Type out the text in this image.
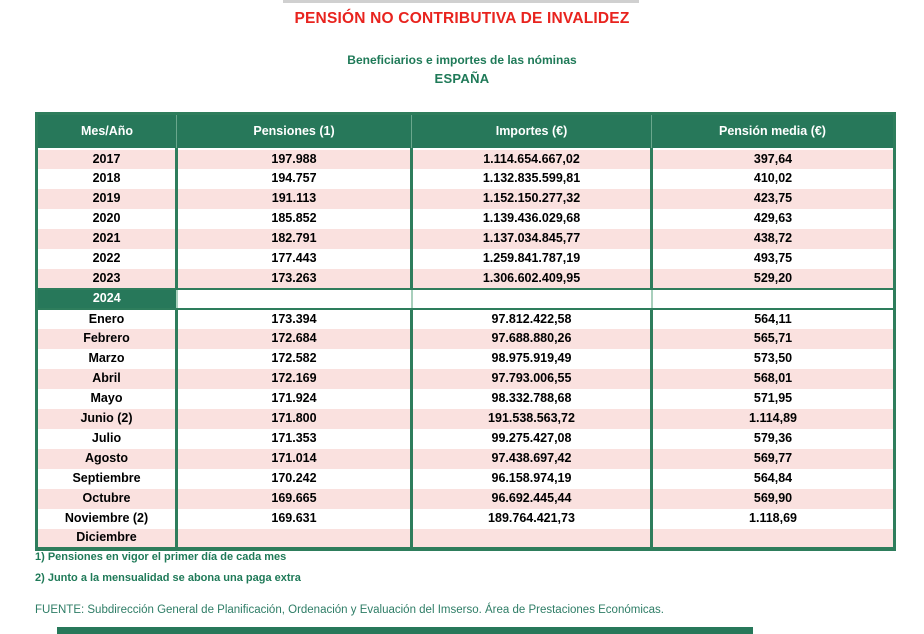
PENSIÓN NO CONTRIBUTIVA DE INVALIDEZ
Beneficiarios e importes de las nóminas
ESPAÑA
Mes/Año	Pensiones (1)	Importes (€)	Pensión media (€)
2017	197.988	1.114.654.667,02	397,64
2018	194.757	1.132.835.599,81	410,02
2019	191.113	1.152.150.277,32	423,75
2020	185.852	1.139.436.029,68	429,63
2021	182.791	1.137.034.845,77	438,72
2022	177.443	1.259.841.787,19	493,75
2023	173.263	1.306.602.409,95	529,20
2024			
Enero	173.394	97.812.422,58	564,11
Febrero	172.684	97.688.880,26	565,71
Marzo	172.582	98.975.919,49	573,50
Abril	172.169	97.793.006,55	568,01
Mayo	171.924	98.332.788,68	571,95
Junio (2)	171.800	191.538.563,72	1.114,89
Julio	171.353	99.275.427,08	579,36
Agosto	171.014	97.438.697,42	569,77
Septiembre	170.242	96.158.974,19	564,84
Octubre	169.665	96.692.445,44	569,90
Noviembre (2)	169.631	189.764.421,73	1.118,69
Diciembre			
1) Pensiones en vigor el primer día de cada mes
2) Junto a la mensualidad se abona una paga extra
FUENTE: Subdirección General de Planificación, Ordenación y Evaluación del Imserso. Área de Prestaciones Económicas.
